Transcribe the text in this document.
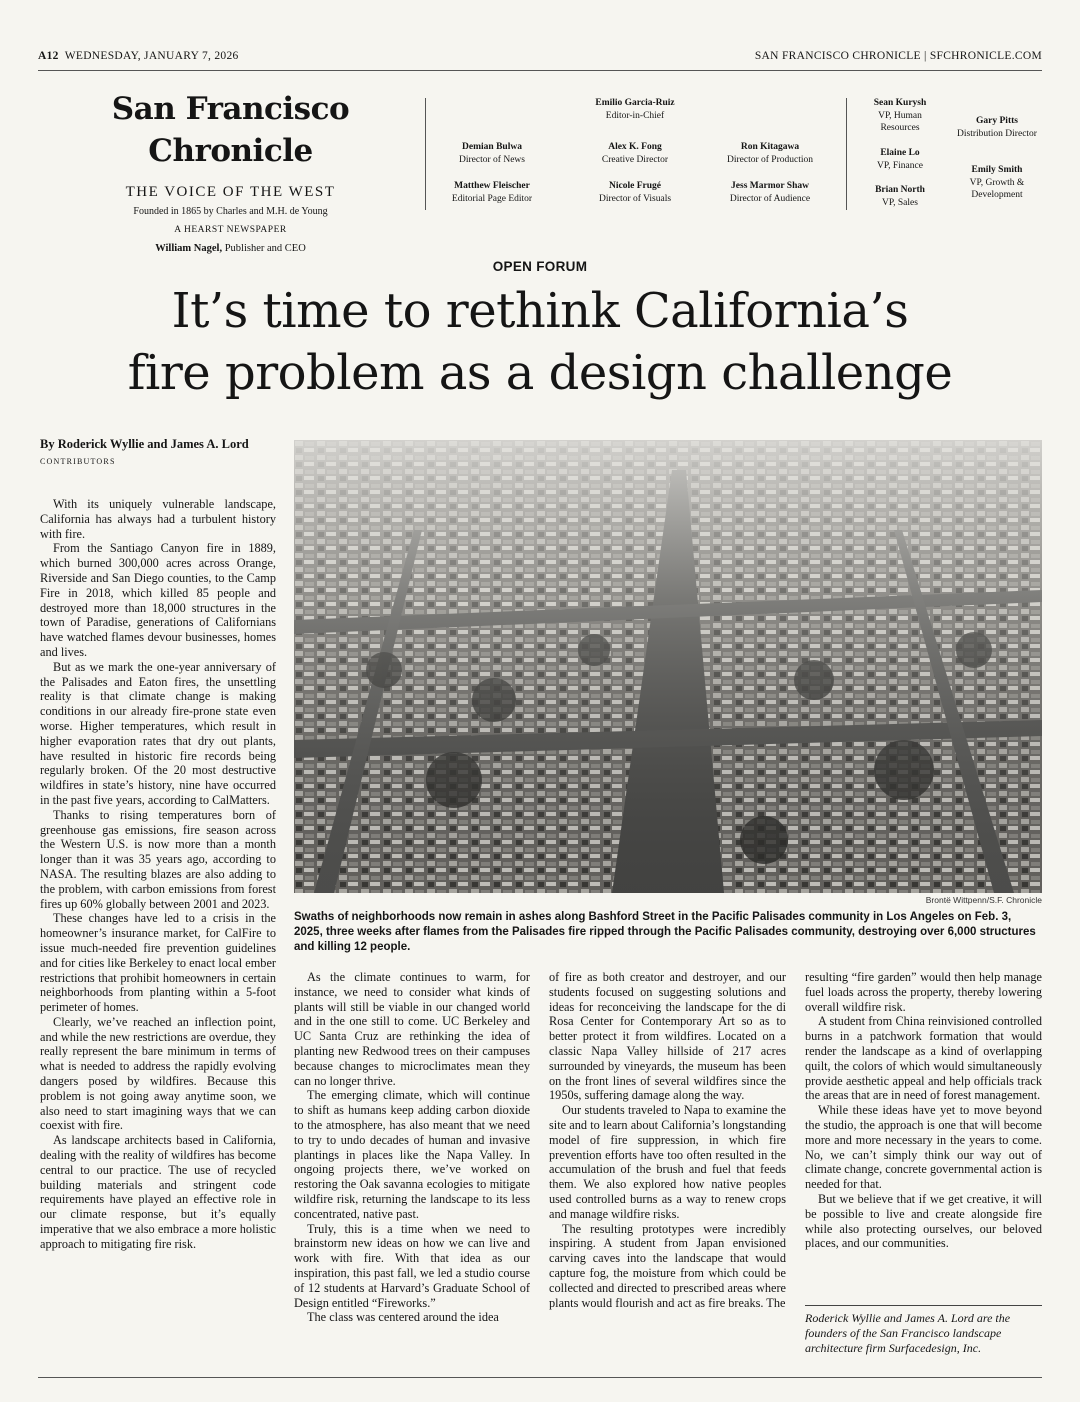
A12 WEDNESDAY, JANUARY 7, 2026	SAN FRANCISCO CHRONICLE | SFCHRONICLE.COM
San Francisco Chronicle
THE VOICE OF THE WEST
Founded in 1865 by Charles and M.H. de Young
A HEARST NEWSPAPER
William Nagel, Publisher and CEO
Emilio Garcia-Ruiz
Editor-in-Chief
Demian Bulwa
Director of News
Alex K. Fong
Creative Director
Ron Kitagawa
Director of Production
Matthew Fleischer
Editorial Page Editor
Nicole Frugé
Director of Visuals
Jess Marmor Shaw
Director of Audience
Sean Kurysh
VP, Human Resources
Elaine Lo
VP, Finance
Brian North
VP, Sales
Gary Pitts
Distribution Director
Emily Smith
VP, Growth & Development
OPEN FORUM
It’s time to rethink California’s
fire problem as a design challenge
By Roderick Wyllie and James A. Lord
CONTRIBUTORS
Brontë Wittpenn/S.F. Chronicle
Swaths of neighborhoods now remain in ashes along Bashford Street in the Pacific Palisades community in Los Angeles on Feb. 3, 2025, three weeks after flames from the Palisades fire ripped through the Pacific Palisades community, destroying over 6,000 structures and killing 12 people.

With its uniquely vulnerable landscape, California has always had a turbulent history with fire.

From the Santiago Canyon fire in 1889, which burned 300,000 acres across Orange, Riverside and San Diego counties, to the Camp Fire in 2018, which killed 85 people and destroyed more than 18,000 structures in the town of Paradise, generations of Californians have watched flames devour businesses, homes and lives.

But as we mark the one-year anniversary of the Palisades and Eaton fires, the unsettling reality is that climate change is making conditions in our already fire-prone state even worse. Higher temperatures, which result in higher evaporation rates that dry out plants, have resulted in historic fire records being regularly broken. Of the 20 most destructive wildfires in state’s history, nine have occurred in the past five years, according to CalMatters.

Thanks to rising temperatures born of greenhouse gas emissions, fire season across the Western U.S. is now more than a month longer than it was 35 years ago, according to NASA. The resulting blazes are also adding to the problem, with carbon emissions from forest fires up 60% globally between 2001 and 2023.

These changes have led to a crisis in the homeowner’s insurance market, for CalFire to issue much-needed fire prevention guidelines and for cities like Berkeley to enact local ember restrictions that prohibit homeowners in certain neighborhoods from planting within a 5-foot perimeter of homes.

Clearly, we’ve reached an inflection point, and while the new restrictions are overdue, they really represent the bare minimum in terms of what is needed to address the rapidly evolving dangers posed by wildfires. Because this problem is not going away anytime soon, we also need to start imagining ways that we can coexist with fire.

As landscape architects based in California, dealing with the reality of wildfires has become central to our practice. The use of recycled building materials and stringent code requirements have played an effective role in our climate response, but it’s equally imperative that we also embrace a more holistic approach to mitigating fire risk.

As the climate continues to warm, for instance, we need to consider what kinds of plants will still be viable in our changed world and in the one still to come. UC Berkeley and UC Santa Cruz are rethinking the idea of planting new Redwood trees on their campuses because changes to microclimates mean they can no longer thrive.

The emerging climate, which will continue to shift as humans keep adding carbon dioxide to the atmosphere, has also meant that we need to try to undo decades of human and invasive plantings in places like the Napa Valley. In ongoing projects there, we’ve worked on restoring the Oak savanna ecologies to mitigate wildfire risk, returning the landscape to its less concentrated, native past.

Truly, this is a time when we need to brainstorm new ideas on how we can live and work with fire. With that idea as our inspiration, this past fall, we led a studio course of 12 students at Harvard’s Graduate School of Design entitled “Fireworks.”

The class was centered around the idea

of fire as both creator and destroyer, and our students focused on suggesting solutions and ideas for reconceiving the landscape for the di Rosa Center for Contemporary Art so as to better protect it from wildfires. Located on a classic Napa Valley hillside of 217 acres surrounded by vineyards, the museum has been on the front lines of several wildfires since the 1950s, suffering damage along the way.

Our students traveled to Napa to examine the site and to learn about California’s longstanding model of fire suppression, in which fire prevention efforts have too often resulted in the accumulation of the brush and fuel that feeds them. We also explored how native peoples used controlled burns as a way to renew crops and manage wildfire risks.

The resulting prototypes were incredibly inspiring. A student from Japan envisioned carving caves into the landscape that would capture fog, the moisture from which could be collected and directed to prescribed areas where plants would flourish and act as fire breaks. The

resulting “fire garden” would then help manage fuel loads across the property, thereby lowering overall wildfire risk.

A student from China reinvisioned controlled burns in a patchwork formation that would render the landscape as a kind of overlapping quilt, the colors of which would simultaneously provide aesthetic appeal and help officials track the areas that are in need of forest management.

While these ideas have yet to move beyond the studio, the approach is one that will become more and more necessary in the years to come. No, we can’t simply think our way out of climate change, concrete governmental action is needed for that.

But we believe that if we get creative, it will be possible to live and create alongside fire while also protecting ourselves, our beloved places, and our communities.

Roderick Wyllie and James A. Lord are the founders of the San Francisco landscape architecture firm Surfacedesign, Inc.
